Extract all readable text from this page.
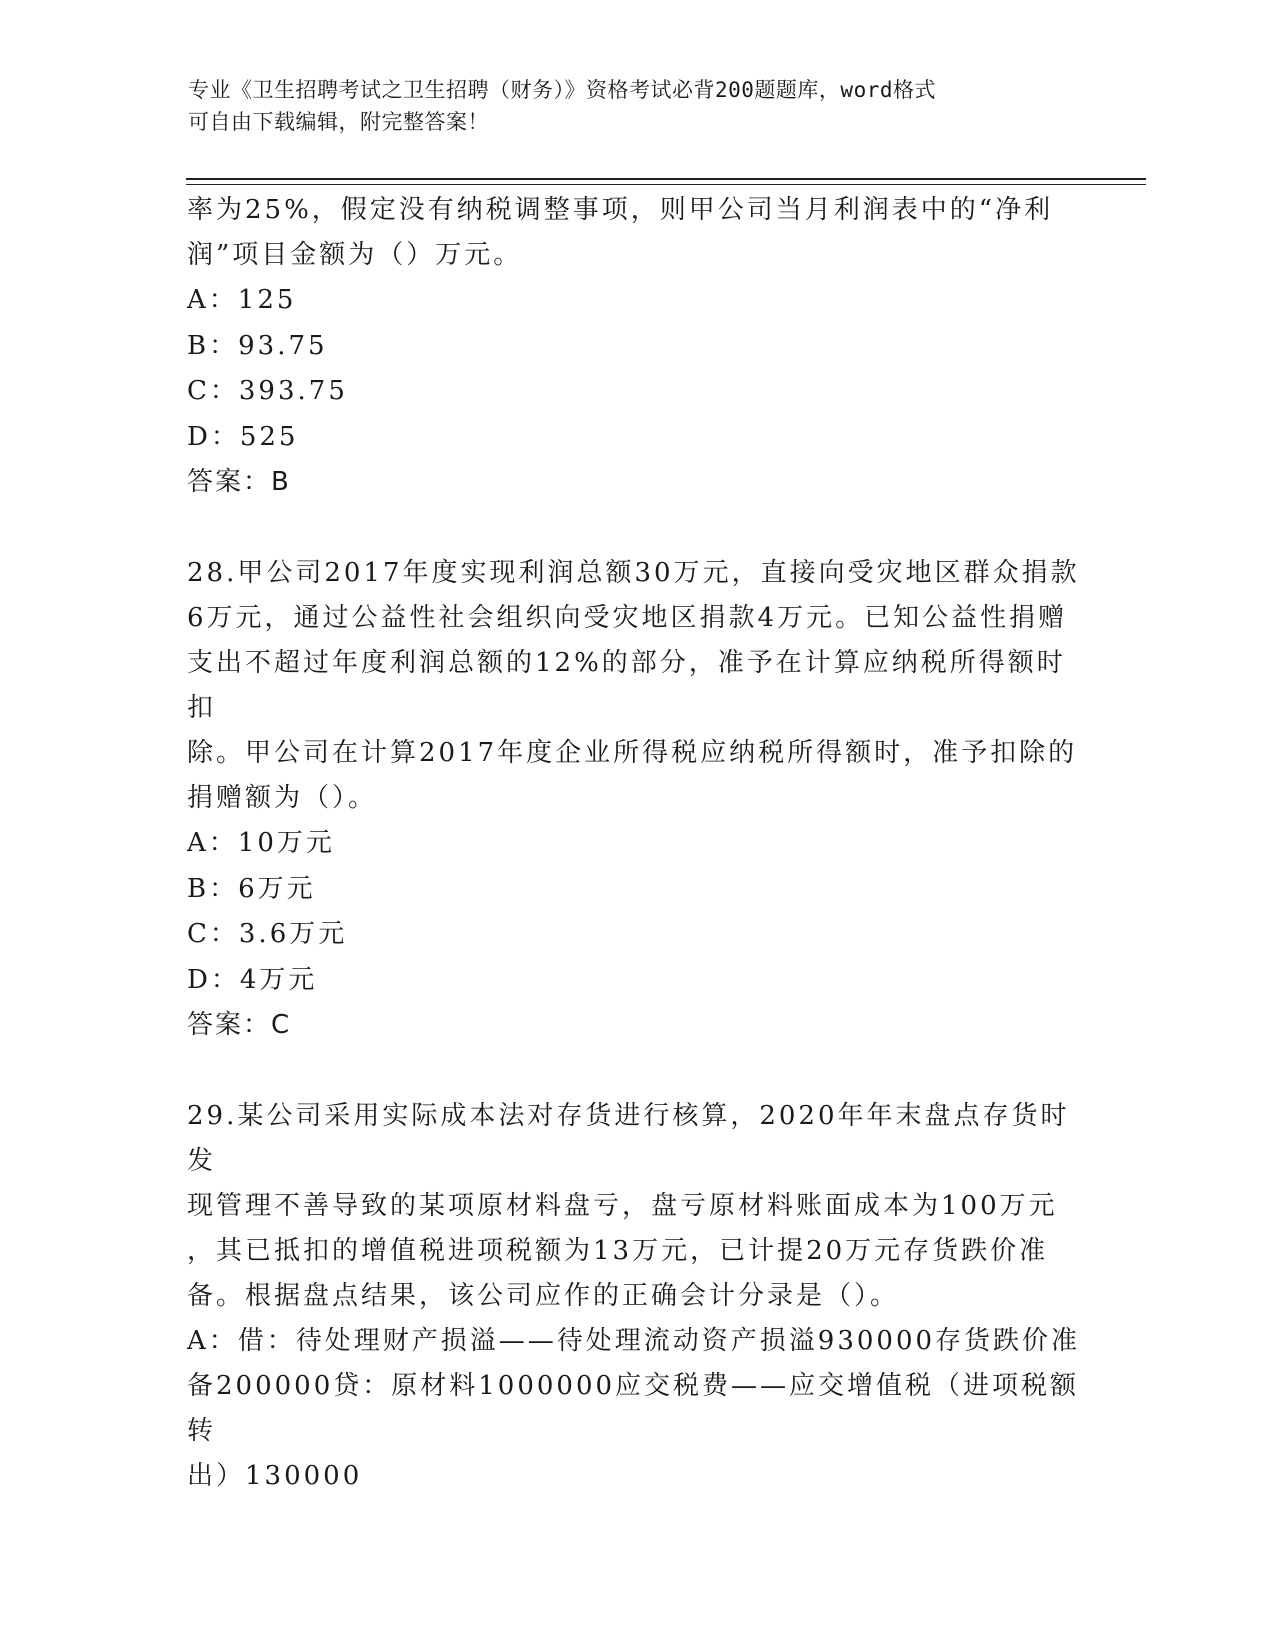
专业《卫生招聘考试之卫生招聘（财务）》资格考试必背200题题库，word格式
可自由下载编辑，附完整答案！

率为25%，假定没有纳税调整事项，则甲公司当月利润表中的“净利

润”项目金额为（）万元。

A：125

B：93.75

C：393.75

D：525

答案：B

28.甲公司2017年度实现利润总额30万元，直接向受灾地区群众捐款

6万元，通过公益性社会组织向受灾地区捐款4万元。已知公益性捐赠

支出不超过年度利润总额的12%的部分，准予在计算应纳税所得额时扣

除。甲公司在计算2017年度企业所得税应纳税所得额时，准予扣除的

捐赠额为（）。

A：10万元

B：6万元

C：3.6万元

D：4万元

答案：C

29.某公司采用实际成本法对存货进行核算，2020年年末盘点存货时发

现管理不善导致的某项原材料盘亏，盘亏原材料账面成本为100万元

，其已抵扣的增值税进项税额为13万元，已计提20万元存货跌价准

备。根据盘点结果，该公司应作的正确会计分录是（）。

A：借：待处理财产损溢——待处理流动资产损溢930000存货跌价准

备200000贷：原材料1000000应交税费——应交增值税（进项税额转

出）130000
